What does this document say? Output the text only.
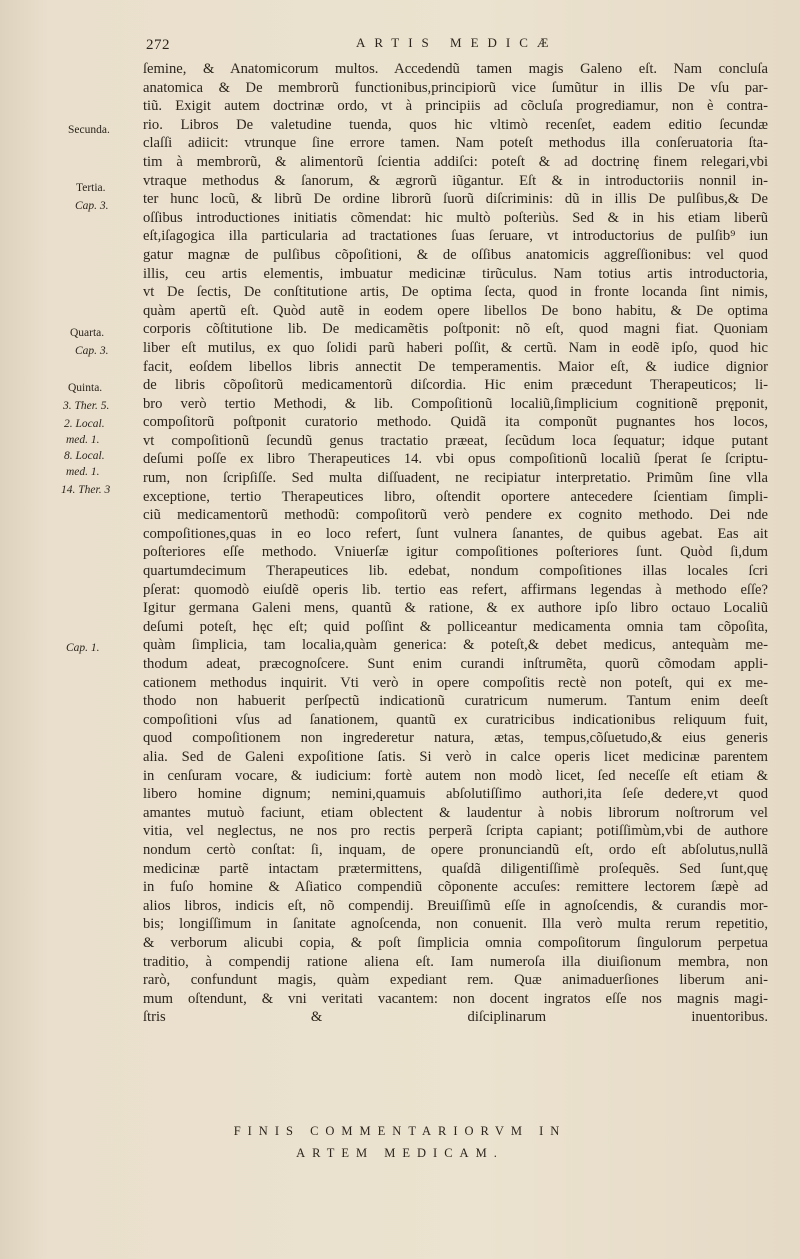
272	ARTIS MEDICÆ
Secunda.
Tertia.
Cap. 3.
Quarta.
Cap. 3.
Quinta.
3. Ther. 5.
2. Local.
med. 1.
8. Local.
med. 1.
14. Ther. 3
Cap. 1.
ſemine, & Anatomicorum multos. Accedendũ tamen magis Galeno eſt. Nam concluſa
anatomica & De membrorũ functionibus,principiorũ vice ſumũtur in illis De vſu par-
tiũ. Exigit autem doctrinæ ordo, vt à principiis ad cõcluſa progrediamur, non è contra-
rio. Libros De valetudine tuenda, quos hic vltimò recenſet, eadem editio ſecundæ
claſſi adiicit: vtrunque ſine errore tamen. Nam poteſt methodus illa conſeruatoria ſta-
tim à membrorũ, & alimentorũ ſcientia addiſci: poteſt & ad doctrinę finem relegari,vbi
vtraque methodus & ſanorum, & ægrorũ iũgantur. Eſt & in introductoriis nonnil in-
ter hunc locũ, & librũ De ordine librorũ ſuorũ diſcriminis: dũ in illis De pulſibus,& De
oſſibus introductiones initiatis cõmendat: hic multò poſteriùs. Sed & in his etiam liberũ
eſt,iſagogica illa particularia ad tractationes ſuas ſeruare, vt introductorius de pulſib⁹ iun
gatur magnæ de pulſibus cõpoſitioni, & de oſſibus anatomicis aggreſſionibus: vel quod
illis, ceu artis elementis, imbuatur medicinæ tirũculus. Nam totius artis introductoria,
vt De ſectis, De conſtitutione artis, De optima ſecta, quod in fronte locanda ſint nimis,
quàm apertũ eſt. Quòd autẽ in eodem opere libellos De bono habitu, & De optima
corporis cõſtitutione lib. De medicamẽtis poſtponit: nõ eſt, quod magni fiat. Quoniam
liber eſt mutilus, ex quo ſolidi parũ haberi poſſit, & certũ. Nam in eodẽ ipſo, quod hic
facit, eoſdem libellos libris annectit De temperamentis. Maior eſt, & iudice dignior
de libris cõpoſitorũ medicamentorũ diſcordia. Hic enim præcedunt Therapeuticos; li-
bro verò tertio Methodi, & lib. Compoſitionũ localiũ,ſimplicium cognitionẽ pręponit,
compoſitorũ poſtponit curatorio methodo. Quidã ita componũt pugnantes hos locos,
vt compoſitionũ ſecundũ genus tractatio præeat, ſecũdum loca ſequatur; idque putant
deſumi poſſe ex libro Therapeutices 14. vbi opus compoſitionũ localiũ ſperat ſe ſcriptu-
rum, non ſcripſiſſe. Sed multa diſſuadent, ne recipiatur interpretatio. Primũm ſine vlla
exceptione, tertio Therapeutices libro, oſtendit oportere antecedere ſcientiam ſimpli-
ciũ medicamentorũ methodũ: compoſitorũ verò pendere ex cognito methodo. Dei nde
compoſitiones,quas in eo loco refert, ſunt vulnera ſanantes, de quibus agebat. Eas ait
poſteriores eſſe methodo. Vniuerſæ igitur compoſitiones poſteriores ſunt. Quòd ſi,dum
quartumdecimum Therapeutices lib. edebat, nondum compoſitiones illas locales ſcri
pſerat: quomodò eiuſdẽ operis lib. tertio eas refert, affirmans legendas à methodo eſſe?
Igitur germana Galeni mens, quantũ & ratione, & ex authore ipſo libro octauo Localiũ
deſumi poteſt, hęc eſt; quid poſſint & polliceantur medicamenta omnia tam cõpoſita,
quàm ſimplicia, tam localia,quàm generica: & poteſt,& debet medicus, antequàm me-
thodum adeat, præcognoſcere. Sunt enim curandi inſtrumẽta, quorũ cõmodam appli-
cationem methodus inquirit. Vti verò in opere compoſitis rectè non poteſt, qui ex me-
thodo non habuerit perſpectũ indicationũ curatricum numerum. Tantum enim deeſt
compoſitioni vſus ad ſanationem, quantũ ex curatricibus indicationibus reliquum fuit,
quod compoſitionem non ingrederetur natura, ætas, tempus,cõſuetudo,& eius generis
alia. Sed de Galeni expoſitione ſatis. Si verò in calce operis licet medicinæ parentem
in cenſuram vocare, & iudicium: fortè autem non modò licet, ſed neceſſe eſt etiam &
libero homine dignum; nemini,quamuis abſolutiſſimo authori,ita ſeſe dedere,vt quod
amantes mutuò faciunt, etiam oblectent & laudentur à nobis librorum noſtrorum vel
vitia, vel neglectus, ne nos pro rectis perperã ſcripta capiant; potiſſimùm,vbi de authore
nondum certò conſtat: ſi, inquam, de opere pronunciandũ eſt, ordo eſt abſolutus,nullã
medicinæ partẽ intactam prætermittens, quaſdã diligentiſſimè proſequẽs. Sed ſunt,quę
in fuſo homine & Aſiatico compendiũ cõponente accuſes: remittere lectorem ſæpè ad
alios libros, indicis eſt, nõ compendij. Breuiſſimũ eſſe in agnoſcendis, & curandis mor-
bis; longiſſimum in ſanitate agnoſcenda, non conuenit. Illa verò multa rerum repetitio,
& verborum alicubi copia, & poſt ſimplicia omnia compoſitorum ſingulorum perpetua
traditio, à compendij ratione aliena eſt. Iam numeroſa illa diuiſionum membra, non
rarò, confundunt magis, quàm expediant rem. Quæ animaduerſiones liberum ani-
mum oſtendunt, & vni veritati vacantem: non docent ingratos eſſe nos magnis magi-
ſtris & diſciplinarum inuentoribus.
FINIS COMMENTARIORVM IN
ARTEM MEDICAM.
